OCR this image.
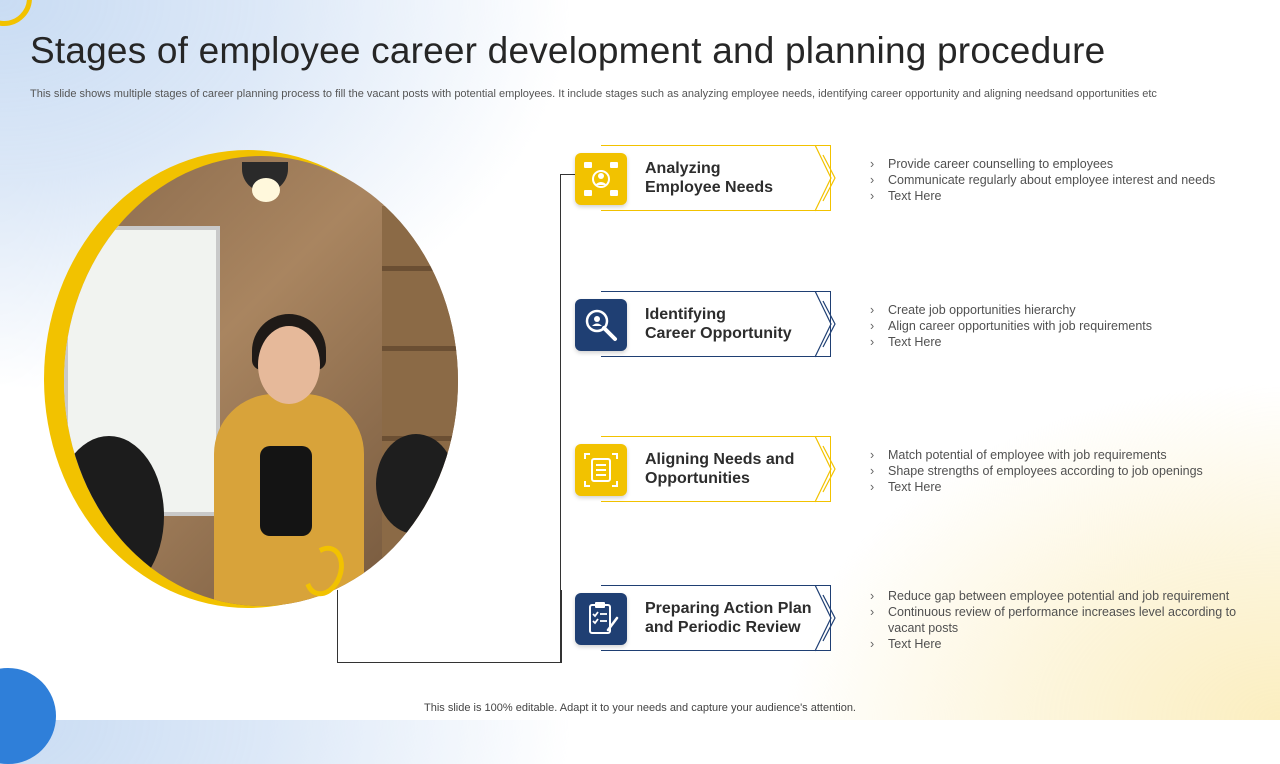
Stages of employee career development and planning procedure
This slide shows multiple stages of career planning process to fill the vacant posts with potential employees. It include stages such as analyzing employee needs, identifying career opportunity and aligning needsand opportunities etc
Analyzing
Employee Needs
› Provide career counselling to employees
› Communicate regularly about employee interest and needs
› Text Here
Identifying
Career Opportunity
› Create job opportunities hierarchy
› Align career opportunities with job requirements
› Text Here
Aligning Needs and
Opportunities
› Match potential of employee with job requirements
› Shape strengths of employees according to job openings
› Text Here
Preparing Action Plan
and Periodic Review
› Reduce gap between employee potential and job requirement
› Continuous review of performance increases level according to vacant posts
› Text Here
This slide is 100% editable. Adapt it to your needs and capture your audience's attention.
